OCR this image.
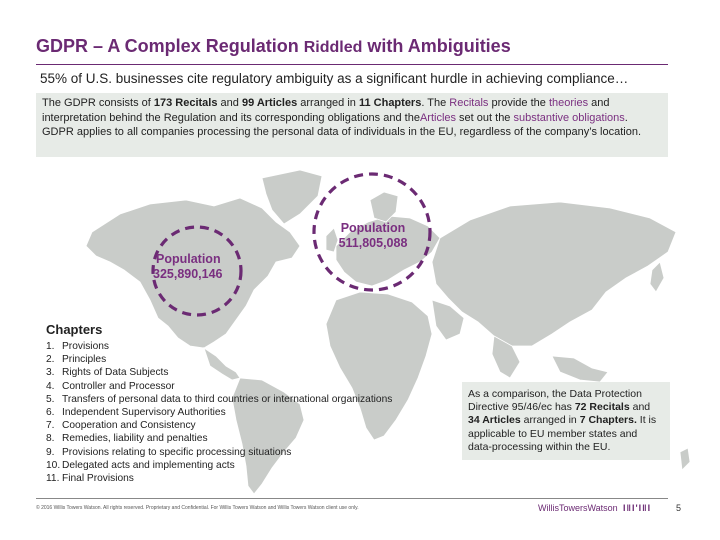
GDPR – A Complex Regulation Riddled with Ambiguities
55% of U.S. businesses cite regulatory ambiguity as a significant hurdle in achieving compliance…
The GDPR consists of 173 Recitals and 99 Articles arranged in 11 Chapters. The Recitals provide the theories and interpretation behind the Regulation and its corresponding obligations and theArticles set out the substantive obligations. GDPR applies to all companies processing the personal data of individuals in the EU, regardless of the company’s location.
Population
325,890,146
Population
511,805,088
Chapters
1. Provisions
2. Principles
3. Rights of Data Subjects
4. Controller and Processor
5. Transfers of personal data to third countries or international organizations
6. Independent Supervisory Authorities
7. Cooperation and Consistency
8. Remedies, liability and penalties
9. Provisions relating to specific processing situations
10. Delegated acts and implementing acts
11. Final Provisions
As a comparison, the Data Protection Directive 95/46/ec has 72 Recitals and 34 Articles arranged in 7 Chapters. It is applicable to EU member states and data-processing within the EU.
© 2016 Willis Towers Watson. All rights reserved. Proprietary and Confidential. For Willis Towers Watson and Willis Towers Watson client use only.	WillisTowersWatson I‖I'I‖I	5
